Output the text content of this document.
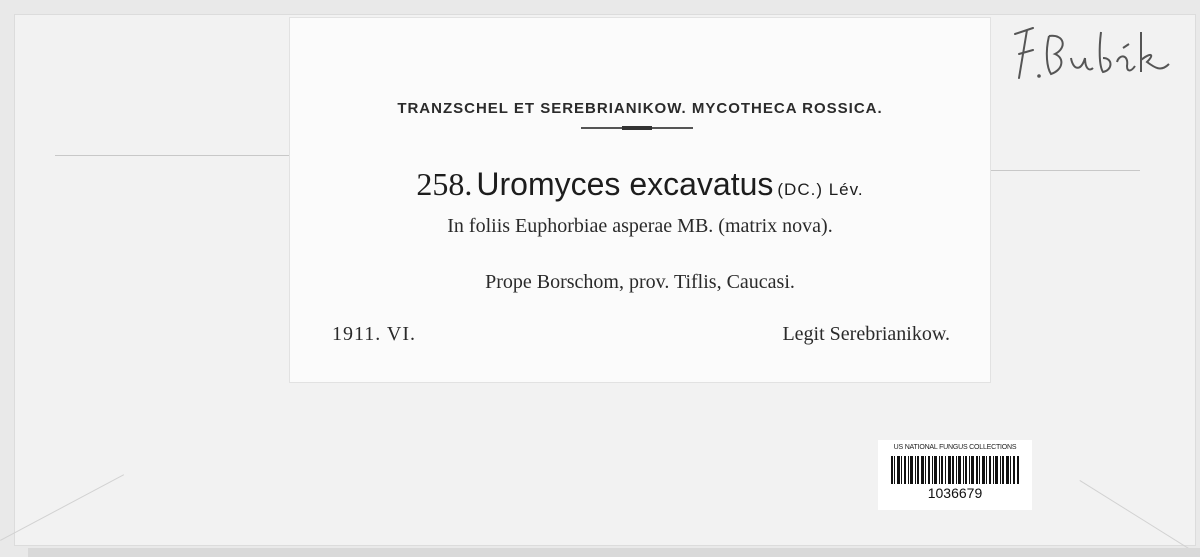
TRANZSCHEL ET SEREBRIANIKOW. MYCOTHECA ROSSICA.
258. Uromyces excavatus (DC.) Lév.
In foliis Euphorbiae asperae MB. (matrix nova).
Prope Borschom, prov. Tiflis, Caucasi.
1911. VI.	Legit Serebrianikow.
US NATIONAL FUNGUS COLLECTIONS
1036679
